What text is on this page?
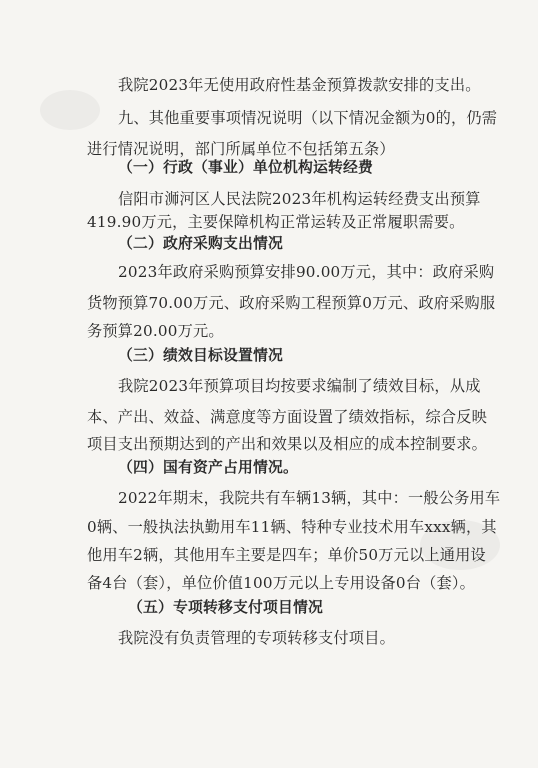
我院2023年无使用政府性基金预算拨款安排的支出。
九、其他重要事项情况说明（以下情况金额为0的，仍需
进行情况说明，部门所属单位不包括第五条）
（一）行政（事业）单位机构运转经费
信阳市浉河区人民法院2023年机构运转经费支出预算
419.90万元，主要保障机构正常运转及正常履职需要。
（二）政府采购支出情况
2023年政府采购预算安排90.00万元，其中：政府采购
货物预算70.00万元、政府采购工程预算0万元、政府采购服
务预算20.00万元。
（三）绩效目标设置情况
我院2023年预算项目均按要求编制了绩效目标，从成
本、产出、效益、满意度等方面设置了绩效指标，综合反映
项目支出预期达到的产出和效果以及相应的成本控制要求。
（四）国有资产占用情况。
2022年期末，我院共有车辆13辆，其中：一般公务用车
0辆、一般执法执勤用车11辆、特种专业技术用车xxx辆，其
他用车2辆，其他用车主要是四车；单价50万元以上通用设
备4台（套），单位价值100万元以上专用设备0台（套）。
（五）专项转移支付项目情况
我院没有负责管理的专项转移支付项目。
